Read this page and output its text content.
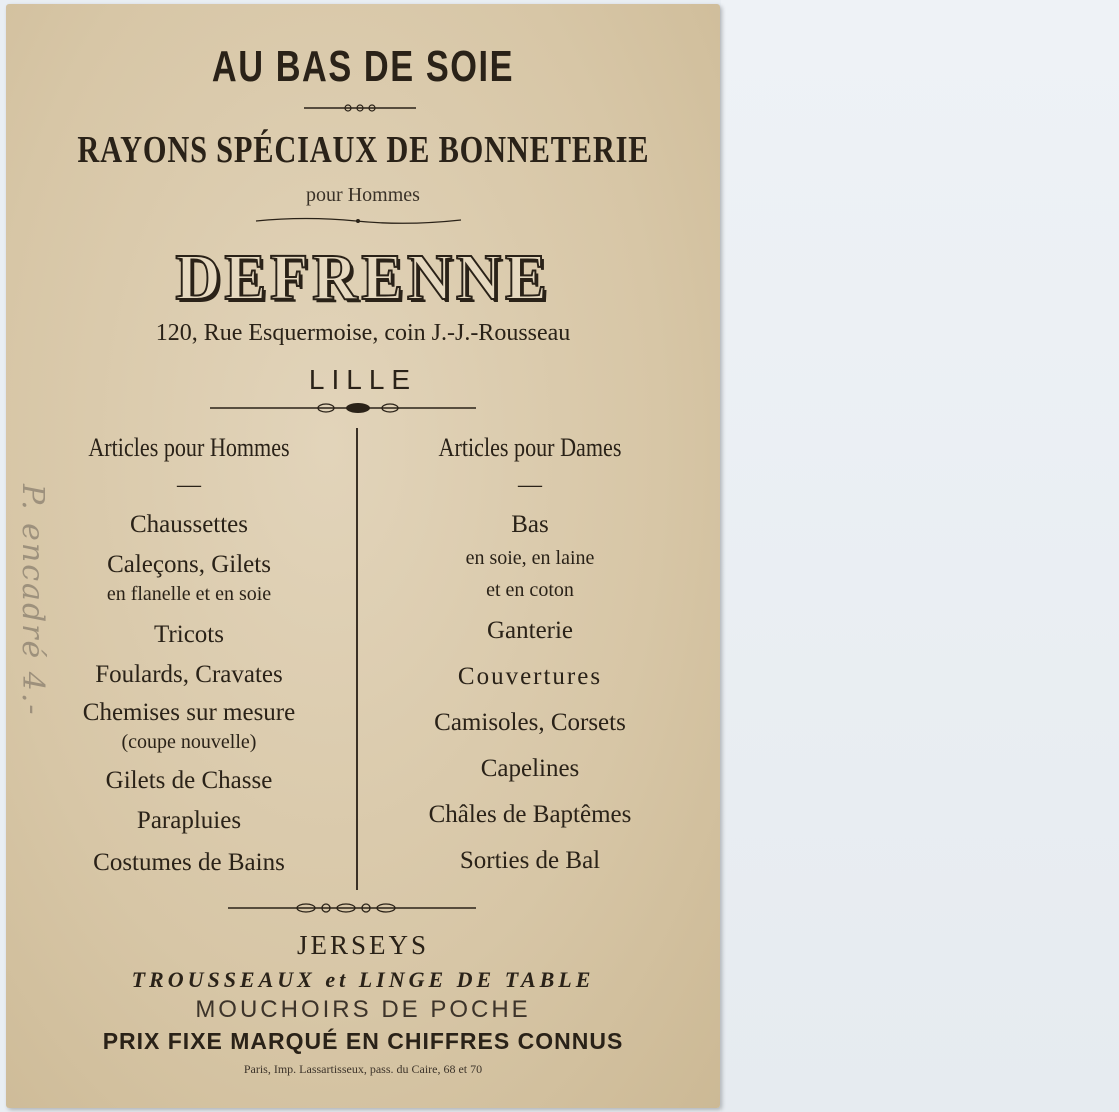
AU BAS DE SOIE
RAYONS SPÉCIAUX DE BONNETERIE
pour Hommes
DEFRENNE
120, Rue Esquermoise, coin J.-J.-Rousseau
LILLE
Articles pour Hommes
—
Chaussettes
Caleçons, Gilets
en flanelle et en soie
Tricots
Foulards, Cravates
Chemises sur mesure
(coupe nouvelle)
Gilets de Chasse
Parapluies
Costumes de Bains
Articles pour Dames
—
Bas
en soie, en laine
et en coton
Ganterie
Couvertures
Camisoles, Corsets
Capelines
Châles de Baptêmes
Sorties de Bal
JERSEYS
TROUSSEAUX et LINGE DE TABLE
MOUCHOIRS DE POCHE
PRIX FIXE MARQUÉ EN CHIFFRES CONNUS
Paris, Imp. Lassartisseux, pass. du Caire, 68 et 70
P. encadré 4.-
